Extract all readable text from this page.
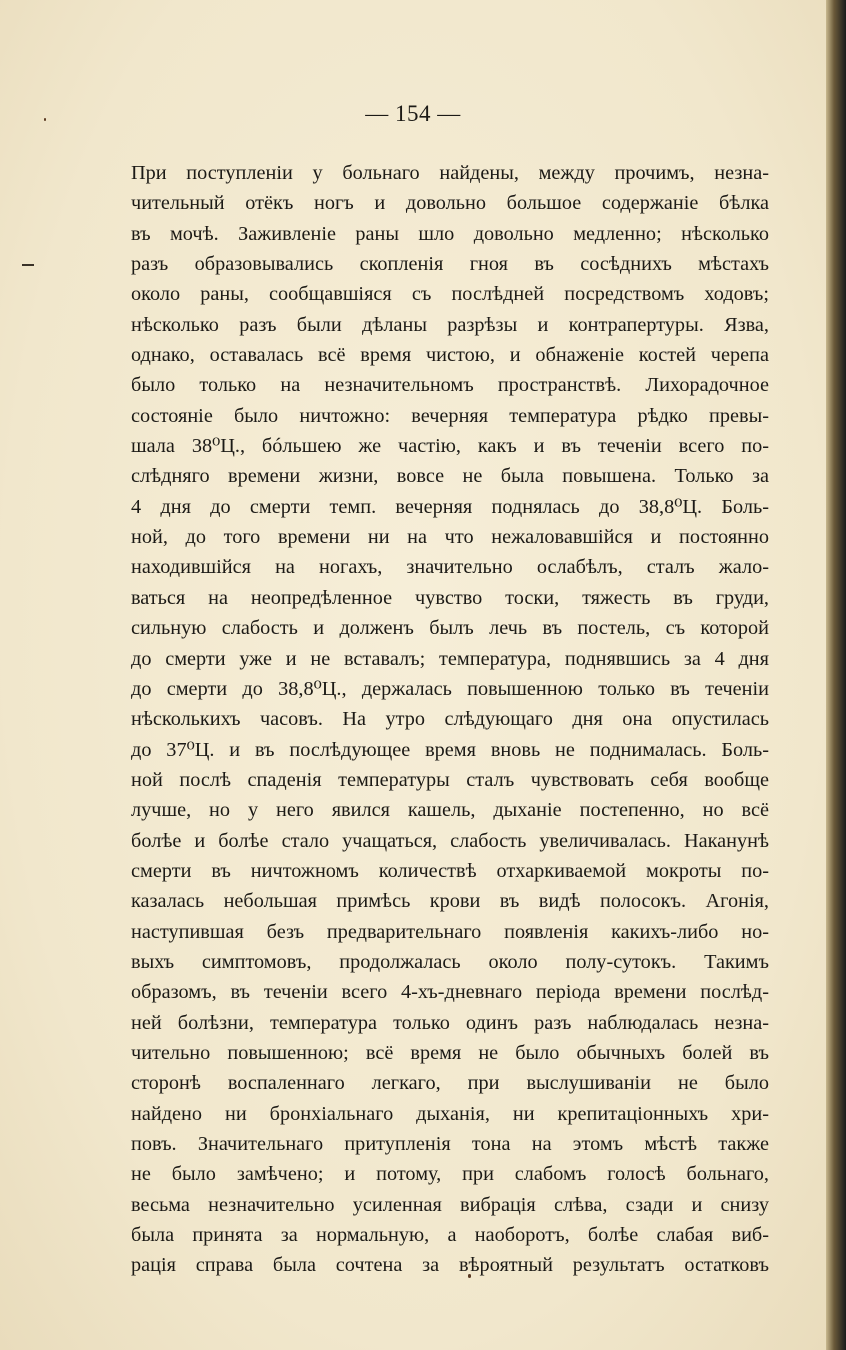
— 154 —
При поступленіи у больнаго найдены, между прочимъ, незна-
чительный отёкъ ногъ и довольно большое содержаніе бѣлка
въ мочѣ. Заживленіе раны шло довольно медленно; нѣсколько
разъ образовывались скопленія гноя въ сосѣднихъ мѣстахъ
около раны, сообщавшіяся съ послѣдней посредствомъ ходовъ;
нѣсколько разъ были дѣланы разрѣзы и контрапертуры. Язва,
однако, оставалась всё время чистою, и обнаженіе костей черепа
было только на незначительномъ пространствѣ. Лихорадочное
состояніе было ничтожно: вечерняя температура рѣдко превы-
шала 38⁰Ц., бóльшею же частію, какъ и въ теченіи всего по-
слѣдняго времени жизни, вовсе не была повышена. Только за
4 дня до смерти темп. вечерняя поднялась до 38,8⁰Ц. Боль-
ной, до того времени ни на что нежаловавшійся и постоянно
находившійся на ногахъ, значительно ослабѣлъ, сталъ жало-
ваться на неопредѣленное чувство тоски, тяжесть въ груди,
сильную слабость и долженъ былъ лечь въ постель, съ которой
до смерти уже и не вставалъ; температура, поднявшись за 4 дня
до смерти до 38,8⁰Ц., держалась повышенною только въ теченіи
нѣсколькихъ часовъ. На утро слѣдующаго дня она опустилась
до 37⁰Ц. и въ послѣдующее время вновь не поднималась. Боль-
ной послѣ спаденія температуры сталъ чувствовать себя вообще
лучше, но у него явился кашель, дыханіе постепенно, но всё
болѣе и болѣе стало учащаться, слабость увеличивалась. Наканунѣ
смерти въ ничтожномъ количествѣ отхаркиваемой мокроты по-
казалась небольшая примѣсь крови въ видѣ полосокъ. Агонія,
наступившая безъ предварительнаго появленія какихъ-либо но-
выхъ симптомовъ, продолжалась около полу-сутокъ. Такимъ
образомъ, въ теченіи всего 4-хъ-дневнаго періода времени послѣд-
ней болѣзни, температура только одинъ разъ наблюдалась незна-
чительно повышенною; всё время не было обычныхъ болей въ
сторонѣ воспаленнаго легкаго, при выслушиваніи не было
найдено ни бронхіальнаго дыханія, ни крепитаціонныхъ хри-
повъ. Значительнаго притупленія тона на этомъ мѣстѣ также
не было замѣчено; и потому, при слабомъ голосѣ больнаго,
весьма незначительно усиленная вибрація слѣва, сзади и снизу
была принята за нормальную, а наоборотъ, болѣе слабая виб-
рація справа была сочтена за вѣроятный результатъ остатковъ
